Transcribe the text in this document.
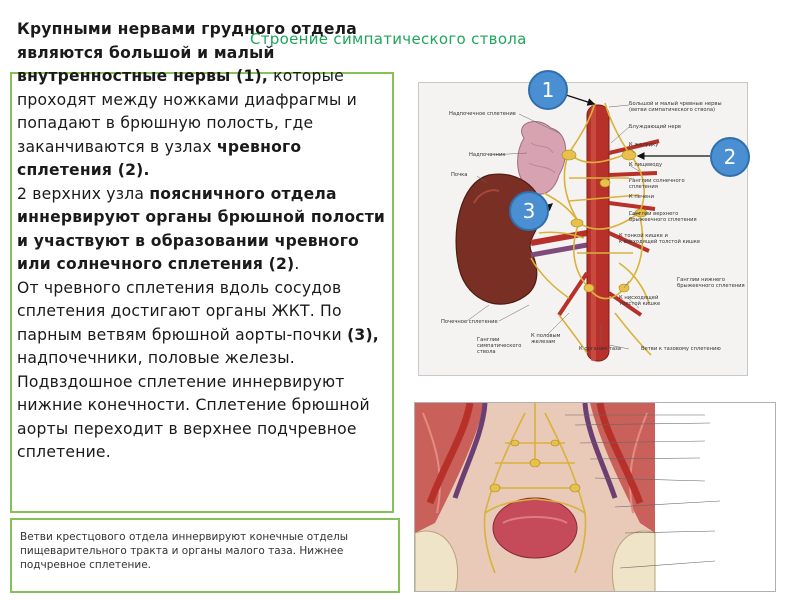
Строение симпатического ствола

Крупными нервами грудного отдела являются большой и малый внутренностные нервы (1), которые проходят между ножками диафрагмы и попадают в брюшную полость, где заканчиваются в узлах чревного сплетения (2).

2 верхних узла поясничного отдела иннервируют органы брюшной полости и участвуют в образовании чревного или солнечного сплетения (2).

От чревного сплетения вдоль сосудов сплетения достигают органы ЖКТ. По парным ветвям брюшной аорты-почки (3), надпочечники, половые железы. Подвздошное сплетение иннервируют нижние конечности. Сплетение брюшной аорты переходит в верхнее подчревное сплетение.

Ветви крестцового отдела иннервируют конечные отделы пищеварительного тракта и органы малого таза. Нижнее подчревное сплетение.
Большой и малый чревные нервы
(ветви симпатического ствола)
Блуждающий нерв
К желудку
К пищеводу
Ганглии солнечного
сплетения
К печени
Ганглии верхнего
брыжеечного сплетения
К тонкой кишке и
к восходящей толстой кишке
Ганглии нижнего
брыжеечного сплетения
К нисходящей
толстой кишке
Ветви к тазовому сплетению
К органам таза
К половым
железам
Ганглии
симпатического
ствола
Почечное сплетение
Почка
Надпочечник
Надпочечное сплетение
1
2
3
